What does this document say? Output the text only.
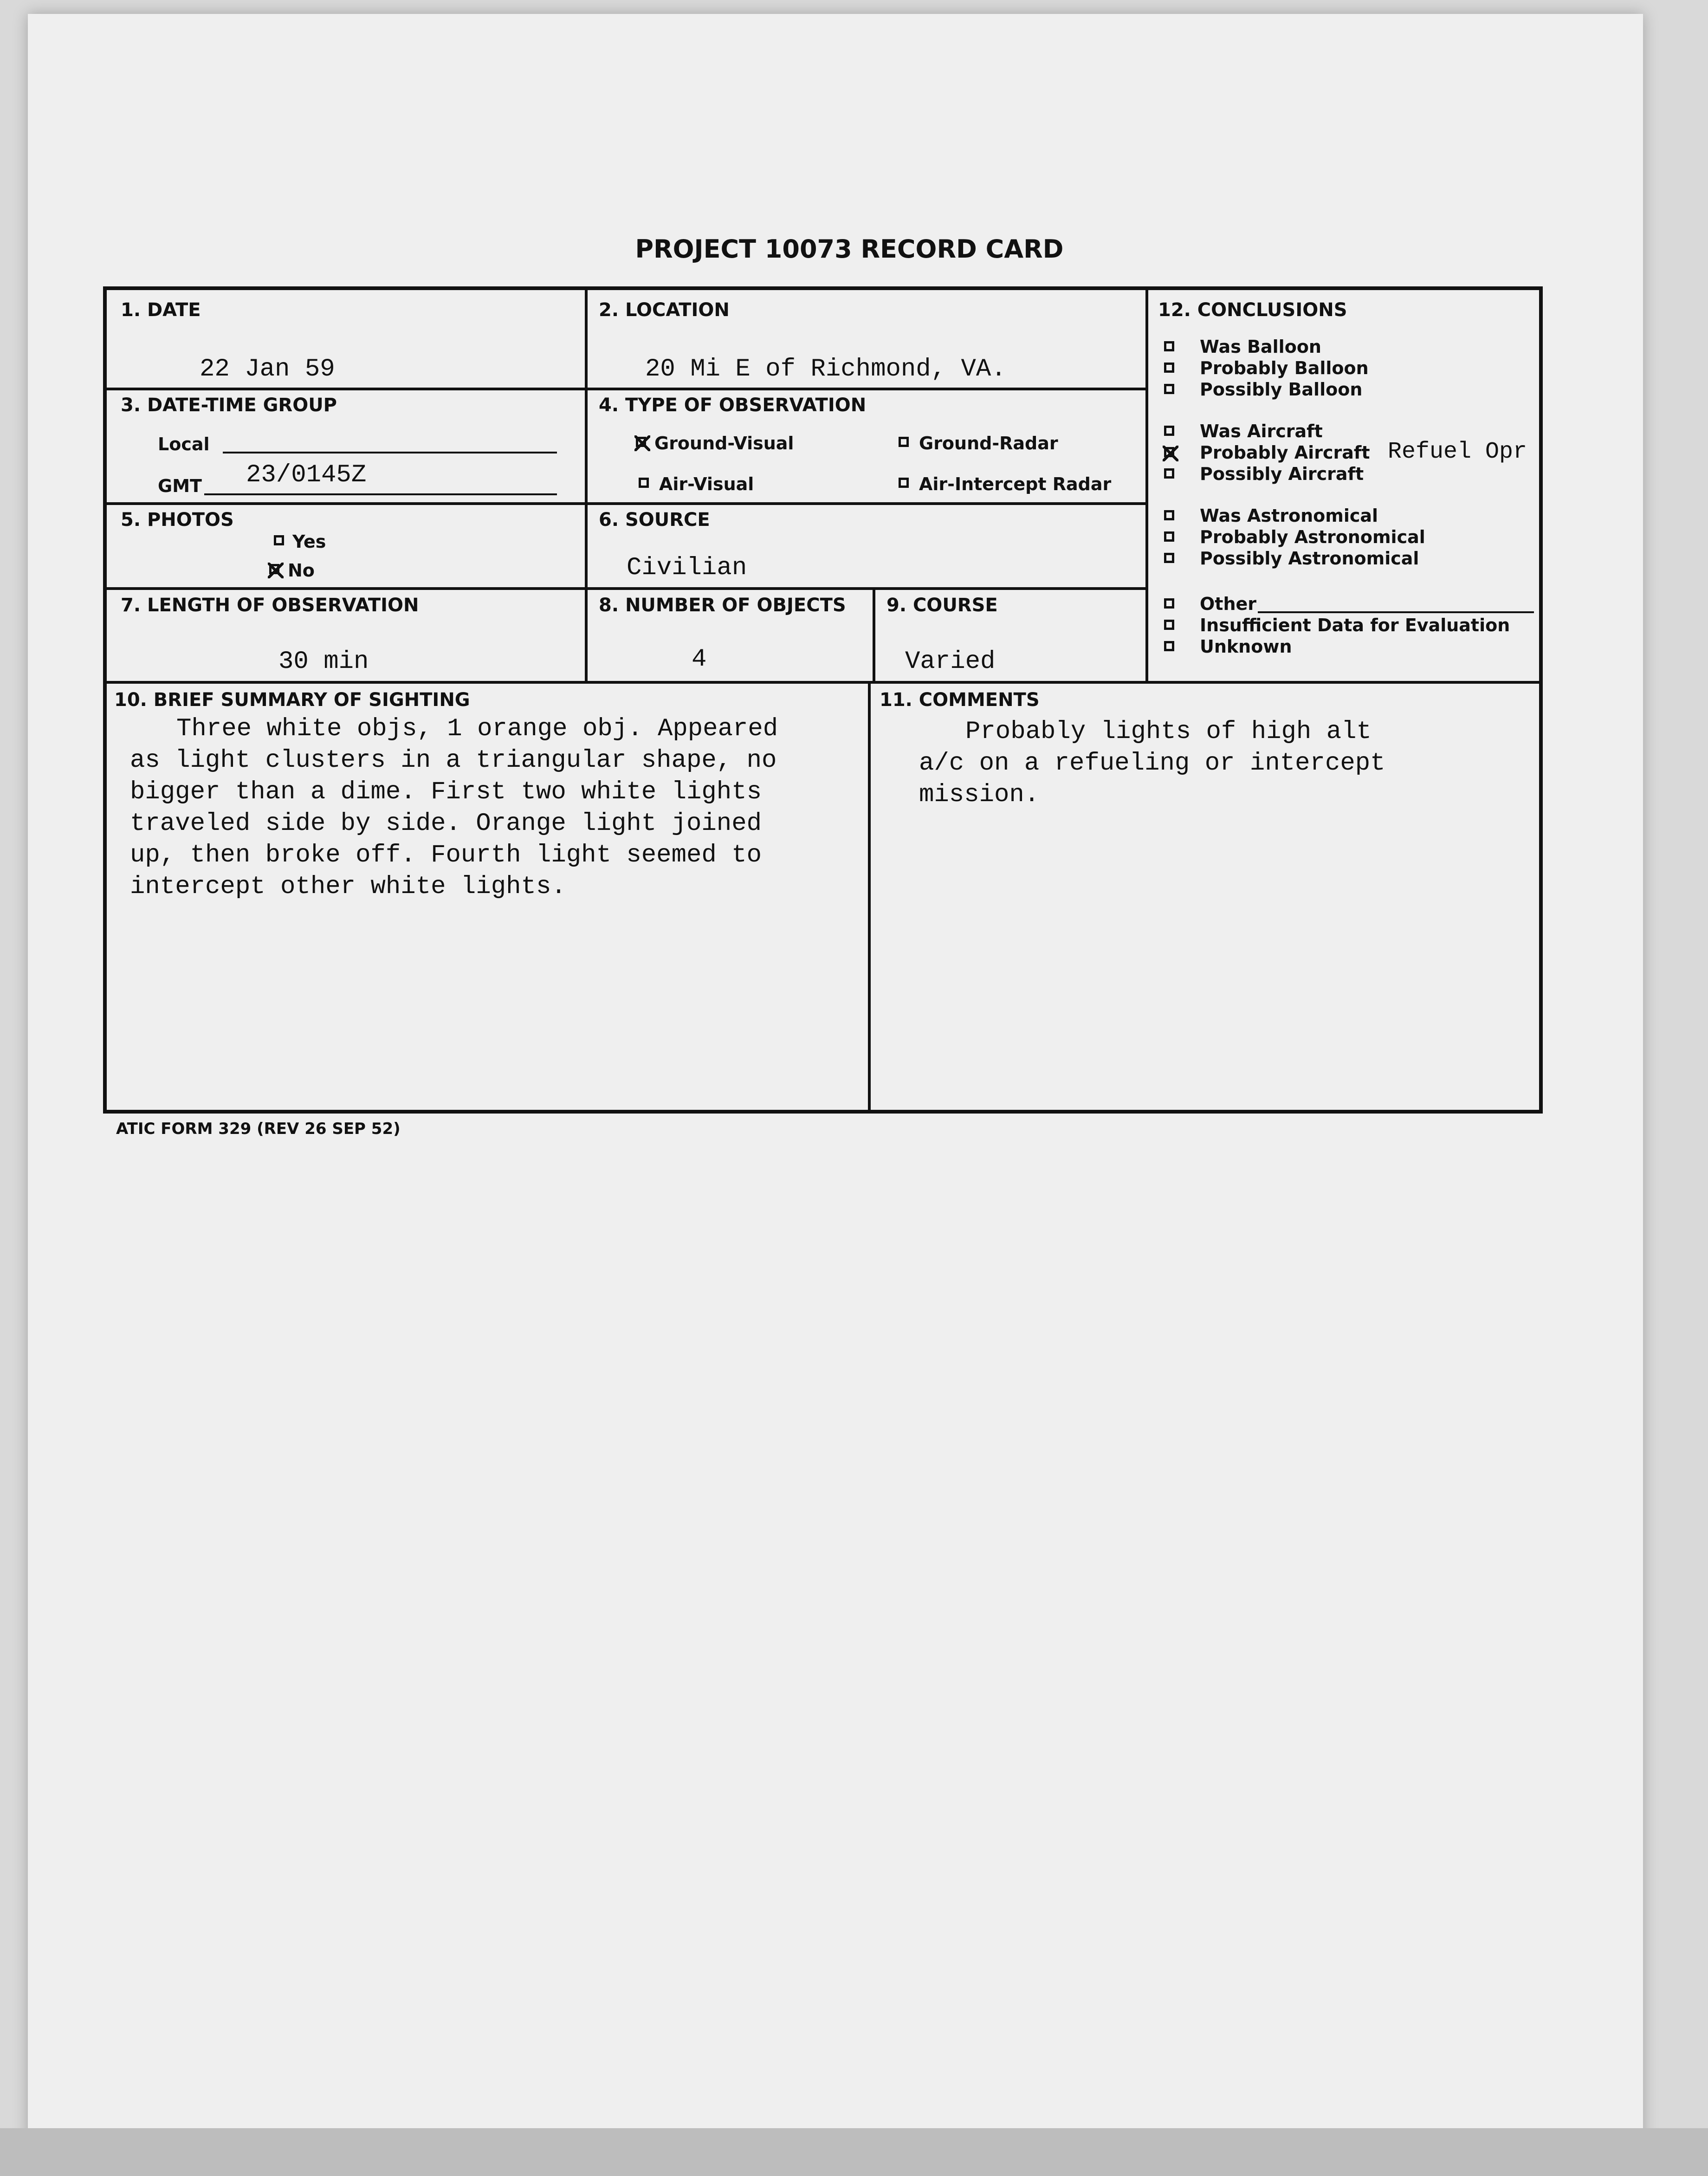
PROJECT 10073 RECORD CARD
1. DATE
22 Jan 59
2. LOCATION
20 Mi E of Richmond, VA.
3. DATE-TIME GROUP
Local
GMT 23/0145Z
4. TYPE OF OBSERVATION
Ground-Visual	Ground-Radar
Air-Visual	Air-Intercept Radar
5. PHOTOS
Yes
No
6. SOURCE
Civilian
7. LENGTH OF OBSERVATION
30 min
8. NUMBER OF OBJECTS
4
9. COURSE
Varied
10. BRIEF SUMMARY OF SIGHTING
Three white objs, 1 orange obj. Appeared
as light clusters in a triangular shape, no
bigger than a dime. First two white lights
traveled side by side. Orange light joined
up, then broke off. Fourth light seemed to
intercept other white lights.
11. COMMENTS
Probably lights of high alt
a/c on a refueling or intercept
mission.
12. CONCLUSIONS
Was Balloon
Probably Balloon
Possibly Balloon
Was Aircraft
Probably Aircraft Refuel Opr
Possibly Aircraft
Was Astronomical
Probably Astronomical
Possibly Astronomical
Other
Insufficient Data for Evaluation
Unknown
ATIC FORM 329 (REV 26 SEP 52)
